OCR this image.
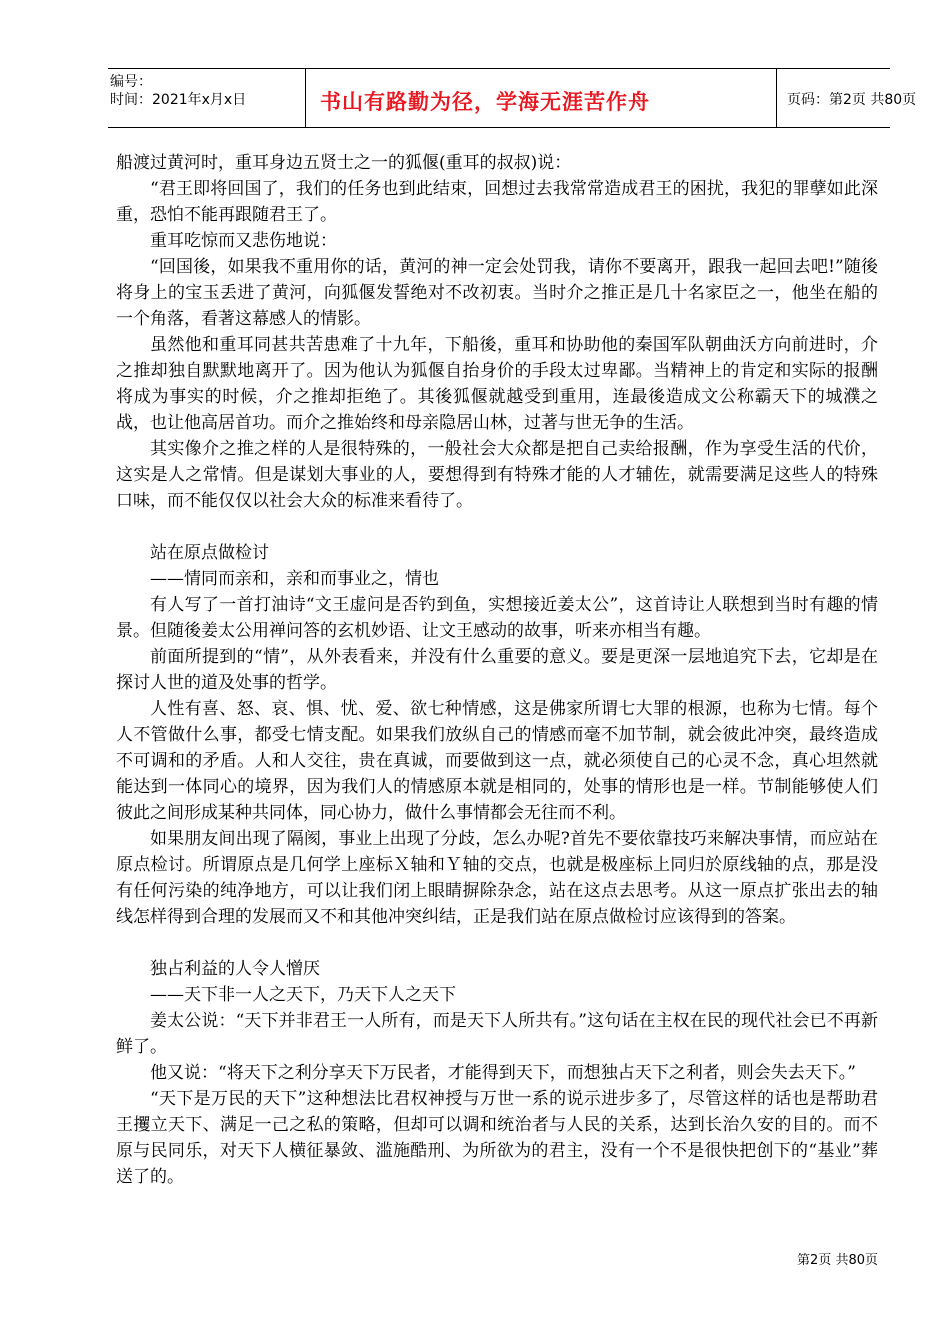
编号：
时间：2021年x月x日	书山有路勤为径，学海无涯苦作舟	页码：第2页 共80页

船渡过黄河时，重耳身边五贤士之一的狐偃(重耳的叔叔)说：

“君王即将回国了，我们的任务也到此结束，回想过去我常常造成君王的困扰，我犯的罪孽如此深重，恐怕不能再跟随君王了。

重耳吃惊而又悲伤地说：

“回国後，如果我不重用你的话，黄河的神一定会处罚我，请你不要离开，跟我一起回去吧!”随後将身上的宝玉丢进了黄河，向狐偃发誓绝对不改初衷。当时介之推正是几十名家臣之一，他坐在船的一个角落，看著这幕感人的情影。

虽然他和重耳同甚共苦患难了十九年，下船後，重耳和协助他的秦国军队朝曲沃方向前进时，介之推却独自默默地离开了。因为他认为狐偃自抬身价的手段太过卑鄙。当精神上的肯定和实际的报酬将成为事实的时候，介之推却拒绝了。其後狐偃就越受到重用，连最後造成文公称霸天下的城濮之战，也让他高居首功。而介之推始终和母亲隐居山林，过著与世无争的生活。

其实像介之推之样的人是很特殊的，一般社会大众都是把自己卖给报酬，作为享受生活的代价，这实是人之常情。但是谋划大事业的人，要想得到有特殊才能的人才辅佐，就需要满足这些人的特殊口味，而不能仅仅以社会大众的标准来看待了。

站在原点做检讨

——情同而亲和，亲和而事业之，情也

有人写了一首打油诗“文王虚问是否钓到鱼，实想接近姜太公”，这首诗让人联想到当时有趣的情景。但随後姜太公用禅问答的玄机妙语、让文王感动的故事，听来亦相当有趣。

前面所提到的“情”，从外表看来，并没有什么重要的意义。要是更深一层地追究下去，它却是在探讨人世的道及处事的哲学。

人性有喜、怒、哀、惧、忧、爱、欲七种情感，这是佛家所谓七大罪的根源，也称为七情。每个人不管做什么事，都受七情支配。如果我们放纵自己的情感而毫不加节制，就会彼此冲突，最终造成不可调和的矛盾。人和人交往，贵在真诚，而要做到这一点，就必须使自己的心灵不念，真心坦然就能达到一体同心的境界，因为我们人的情感原本就是相同的，处事的情形也是一样。节制能够使人们彼此之间形成某种共同体，同心协力，做什么事情都会无往而不利。

如果朋友间出现了隔阂，事业上出现了分歧，怎么办呢?首先不要依靠技巧来解决事情，而应站在原点检讨。所谓原点是几何学上座标Ｘ轴和Ｙ轴的交点，也就是极座标上同归於原线轴的点，那是没有任何污染的纯净地方，可以让我们闭上眼睛摒除杂念，站在这点去思考。从这一原点扩张出去的轴线怎样得到合理的发展而又不和其他冲突纠结，正是我们站在原点做检讨应该得到的答案。

独占利益的人令人憎厌

——天下非一人之天下，乃天下人之天下

姜太公说：“天下并非君王一人所有，而是天下人所共有。”这句话在主权在民的现代社会已不再新鲜了。

他又说：“将天下之利分享天下万民者，才能得到天下，而想独占天下之利者，则会失去天下。”

“天下是万民的天下”这种想法比君权神授与万世一系的说示进步多了，尽管这样的话也是帮助君王攫立天下、满足一己之私的策略，但却可以调和统治者与人民的关系，达到长治久安的目的。而不原与民同乐，对天下人横征暴敛、滥施酷刑、为所欲为的君主，没有一个不是很快把创下的“基业”葬送了的。

第2页 共80页
